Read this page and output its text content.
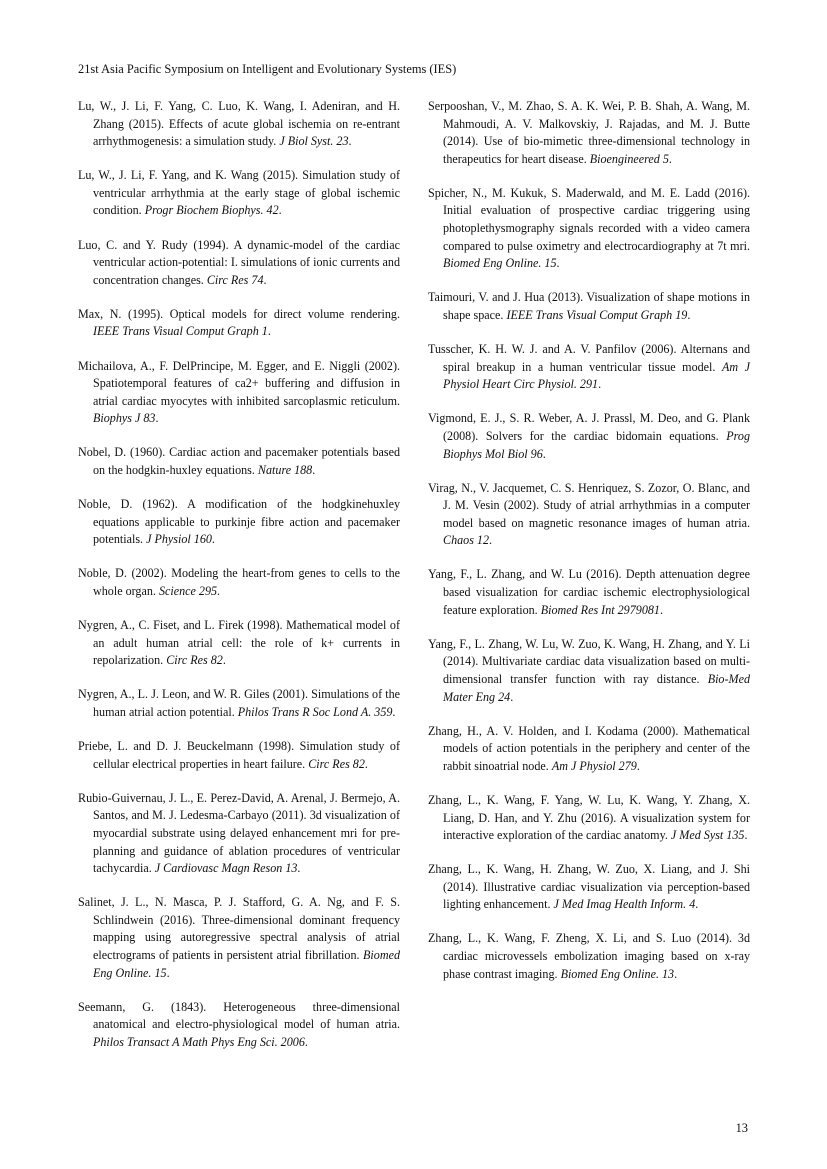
21st Asia Pacific Symposium on Intelligent and Evolutionary Systems (IES)

Lu, W., J. Li, F. Yang, C. Luo, K. Wang, I. Adeniran, and H. Zhang (2015). Effects of acute global ischemia on re-entrant arrhythmogenesis: a simulation study. J Biol Syst. 23.

Lu, W., J. Li, F. Yang, and K. Wang (2015). Simulation study of ventricular arrhythmia at the early stage of global ischemic condition. Progr Biochem Biophys. 42.

Luo, C. and Y. Rudy (1994). A dynamic-model of the cardiac ventricular action-potential: I. simulations of ionic currents and concentration changes. Circ Res 74.

Max, N. (1995). Optical models for direct volume rendering. IEEE Trans Visual Comput Graph 1.

Michailova, A., F. DelPrincipe, M. Egger, and E. Niggli (2002). Spatiotemporal features of ca2+ buffering and diffusion in atrial cardiac myocytes with inhibited sarcoplasmic reticulum. Biophys J 83.

Nobel, D. (1960). Cardiac action and pacemaker potentials based on the hodgkin-huxley equations. Nature 188.

Noble, D. (1962). A modification of the hodgkinehuxley equations applicable to purkinje fibre action and pacemaker potentials. J Physiol 160.

Noble, D. (2002). Modeling the heart-from genes to cells to the whole organ. Science 295.

Nygren, A., C. Fiset, and L. Firek (1998). Mathematical model of an adult human atrial cell: the role of k+ currents in repolarization. Circ Res 82.

Nygren, A., L. J. Leon, and W. R. Giles (2001). Simulations of the human atrial action potential. Philos Trans R Soc Lond A. 359.

Priebe, L. and D. J. Beuckelmann (1998). Simulation study of cellular electrical properties in heart failure. Circ Res 82.

Rubio-Guivernau, J. L., E. Perez-David, A. Arenal, J. Bermejo, A. Santos, and M. J. Ledesma-Carbayo (2011). 3d visualization of myocardial substrate using delayed enhancement mri for pre-planning and guidance of ablation procedures of ventricular tachycardia. J Cardiovasc Magn Reson 13.

Salinet, J. L., N. Masca, P. J. Stafford, G. A. Ng, and F. S. Schlindwein (2016). Three-dimensional dominant frequency mapping using autoregressive spectral analysis of atrial electrograms of patients in persistent atrial fibrillation. Biomed Eng Online. 15.

Seemann, G. (1843). Heterogeneous three-dimensional anatomical and electro-physiological model of human atria. Philos Transact A Math Phys Eng Sci. 2006.

Serpooshan, V., M. Zhao, S. A. K. Wei, P. B. Shah, A. Wang, M. Mahmoudi, A. V. Malkovskiy, J. Rajadas, and M. J. Butte (2014). Use of bio-mimetic three-dimensional technology in therapeutics for heart disease. Bioengineered 5.

Spicher, N., M. Kukuk, S. Maderwald, and M. E. Ladd (2016). Initial evaluation of prospective cardiac triggering using photoplethysmography signals recorded with a video camera compared to pulse oximetry and electrocardiography at 7t mri. Biomed Eng Online. 15.

Taimouri, V. and J. Hua (2013). Visualization of shape motions in shape space. IEEE Trans Visual Comput Graph 19.

Tusscher, K. H. W. J. and A. V. Panfilov (2006). Alternans and spiral breakup in a human ventricular tissue model. Am J Physiol Heart Circ Physiol. 291.

Vigmond, E. J., S. R. Weber, A. J. Prassl, M. Deo, and G. Plank (2008). Solvers for the cardiac bidomain equations. Prog Biophys Mol Biol 96.

Virag, N., V. Jacquemet, C. S. Henriquez, S. Zozor, O. Blanc, and J. M. Vesin (2002). Study of atrial arrhythmias in a computer model based on magnetic resonance images of human atria. Chaos 12.

Yang, F., L. Zhang, and W. Lu (2016). Depth attenuation degree based visualization for cardiac ischemic electrophysiological feature exploration. Biomed Res Int 2979081.

Yang, F., L. Zhang, W. Lu, W. Zuo, K. Wang, H. Zhang, and Y. Li (2014). Multivariate cardiac data visualization based on multi-dimensional transfer function with ray distance. Bio-Med Mater Eng 24.

Zhang, H., A. V. Holden, and I. Kodama (2000). Mathematical models of action potentials in the periphery and center of the rabbit sinoatrial node. Am J Physiol 279.

Zhang, L., K. Wang, F. Yang, W. Lu, K. Wang, Y. Zhang, X. Liang, D. Han, and Y. Zhu (2016). A visualization system for interactive exploration of the cardiac anatomy. J Med Syst 135.

Zhang, L., K. Wang, H. Zhang, W. Zuo, X. Liang, and J. Shi (2014). Illustrative cardiac visualization via perception-based lighting enhancement. J Med Imag Health Inform. 4.

Zhang, L., K. Wang, F. Zheng, X. Li, and S. Luo (2014). 3d cardiac microvessels embolization imaging based on x-ray phase contrast imaging. Biomed Eng Online. 13.

13
